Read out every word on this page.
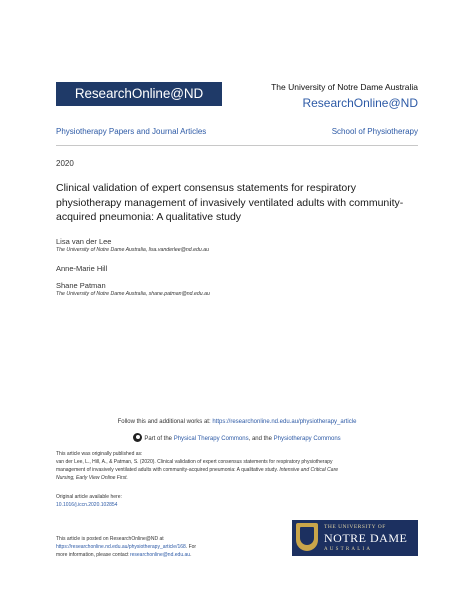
ResearchOnline@ND	The University of Notre Dame Australia
ResearchOnline@ND
Physiotherapy Papers and Journal Articles	School of Physiotherapy
2020
Clinical validation of expert consensus statements for respiratory
physiotherapy management of invasively ventilated adults with community-
acquired pneumonia: A qualitative study
Lisa van der Lee
The University of Notre Dame Australia, lisa.vanderlee@nd.edu.au
Anne-Marie Hill
Shane Patman
The University of Notre Dame Australia, shane.patman@nd.edu.au
Follow this and additional works at: https://researchonline.nd.edu.au/physiotherapy_article
Part of the Physical Therapy Commons, and the Physiotherapy Commons
This article was originally published as:
van der Lee, L., Hill, A., & Patman, S. (2020). Clinical validation of expert consensus statements for respiratory physiotherapy
management of invasively ventilated adults with community-acquired pneumonia: A qualitative study. Intensive and Critical Care
Nursing, Early View Online First.
Original article available here:
10.1016/j.iccn.2020.102854
This article is posted on ResearchOnline@ND at
https://researchonline.nd.edu.au/physiotherapy_article/168. For
more information, please contact researchonline@nd.edu.au.
THE UNIVERSITY OF
NOTRE DAME
AUSTRALIA
